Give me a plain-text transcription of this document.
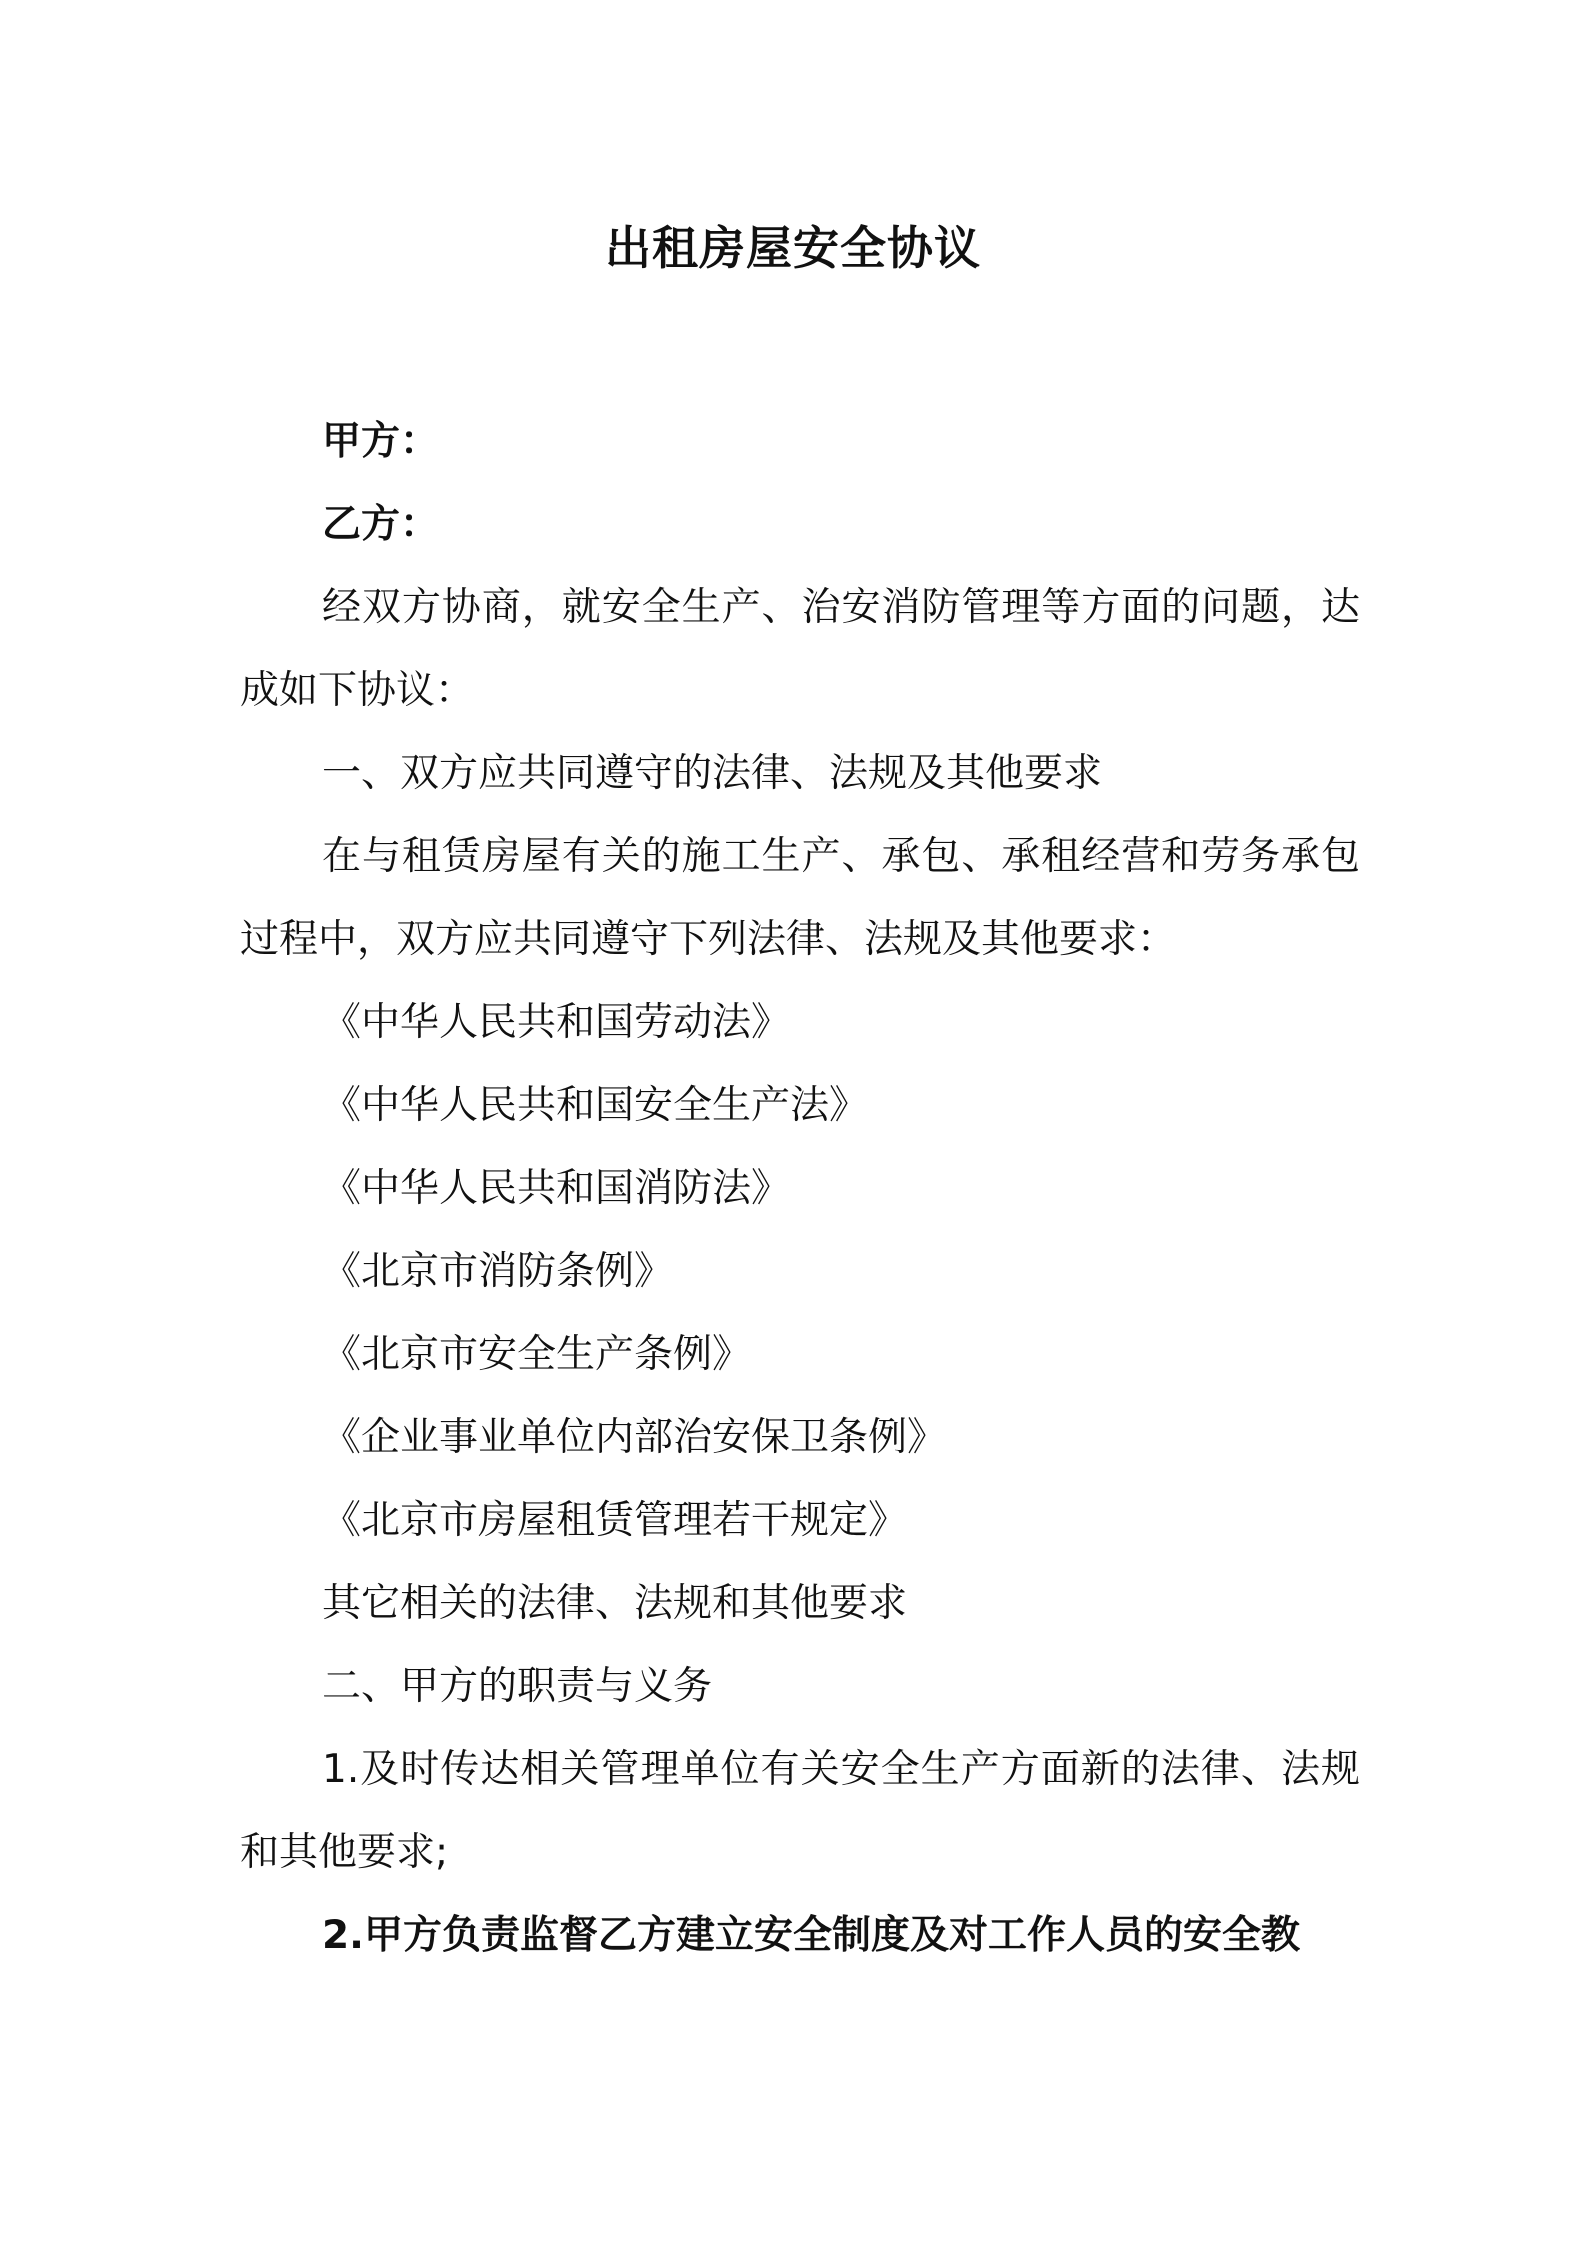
出租房屋安全协议

甲方：

乙方：

经双方协商，就安全生产、治安消防管理等方面的问题，达成如下协议：

一、双方应共同遵守的法律、法规及其他要求

在与租赁房屋有关的施工生产、承包、承租经营和劳务承包过程中，双方应共同遵守下列法律、法规及其他要求：

《中华人民共和国劳动法》

《中华人民共和国安全生产法》

《中华人民共和国消防法》

《北京市消防条例》

《北京市安全生产条例》

《企业事业单位内部治安保卫条例》

《北京市房屋租赁管理若干规定》

其它相关的法律、法规和其他要求

二、甲方的职责与义务

1.及时传达相关管理单位有关安全生产方面新的法律、法规和其他要求;

2.甲方负责监督乙方建立安全制度及对工作人员的安全教
